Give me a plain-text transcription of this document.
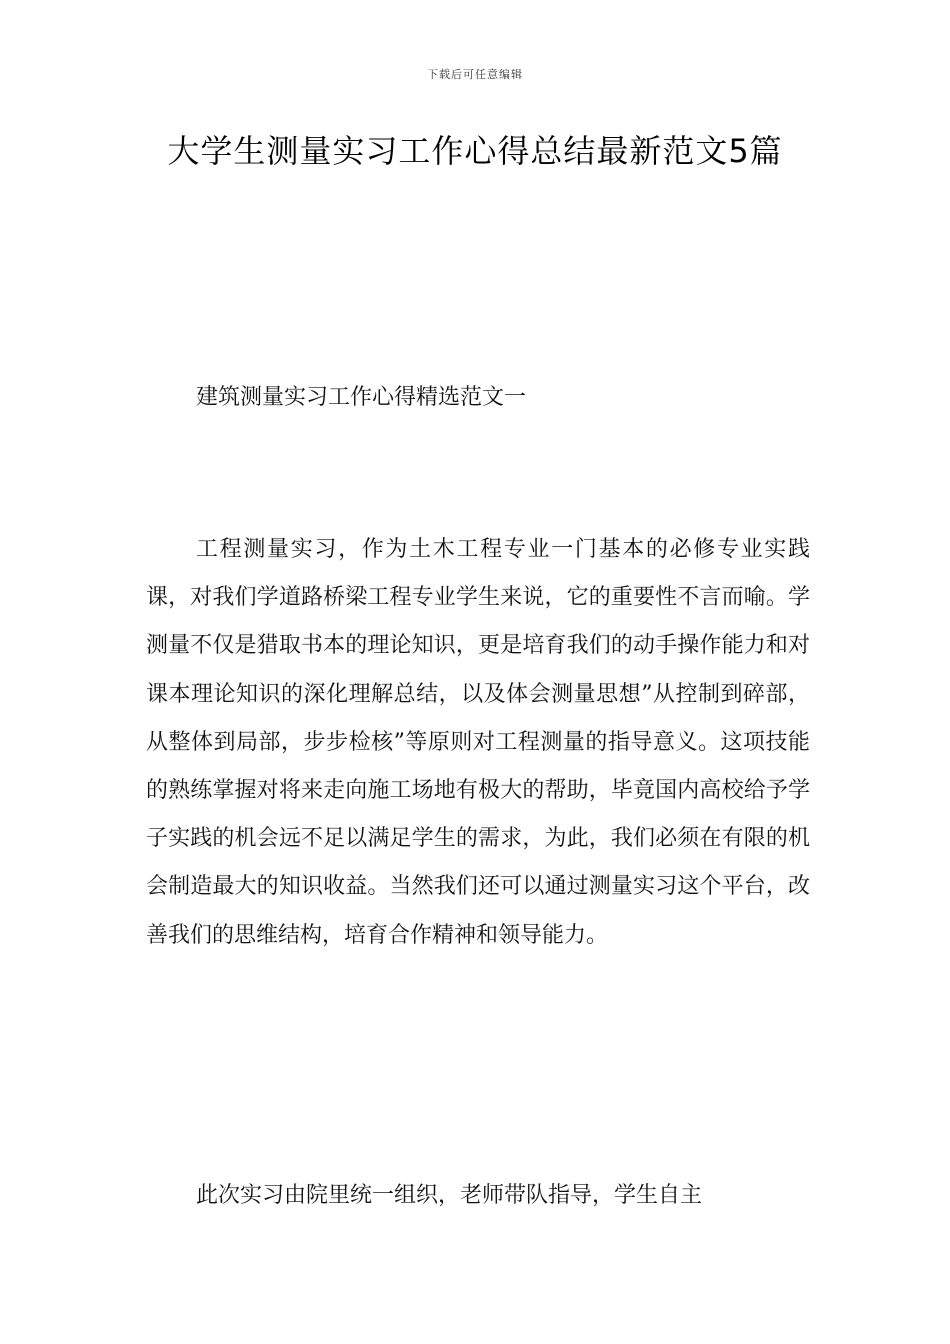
下载后可任意编辑
大学生测量实习工作心得总结最新范文5篇
建筑测量实习工作心得精选范文一

工程测量实习，作为土木工程专业一门基本的必修专业实践课，对我们学道路桥梁工程专业学生来说，它的重要性不言而喻。学测量不仅是猎取书本的理论知识，更是培育我们的动手操作能力和对课本理论知识的深化理解总结，以及体会测量思想”从控制到碎部，从整体到局部，步步检核”等原则对工程测量的指导意义。这项技能的熟练掌握对将来走向施工场地有极大的帮助，毕竟国内高校给予学子实践的机会远不足以满足学生的需求，为此，我们必须在有限的机会制造最大的知识收益。当然我们还可以通过测量实习这个平台，改善我们的思维结构，培育合作精神和领导能力。

此次实习由院里统一组织，老师带队指导，学生自主
